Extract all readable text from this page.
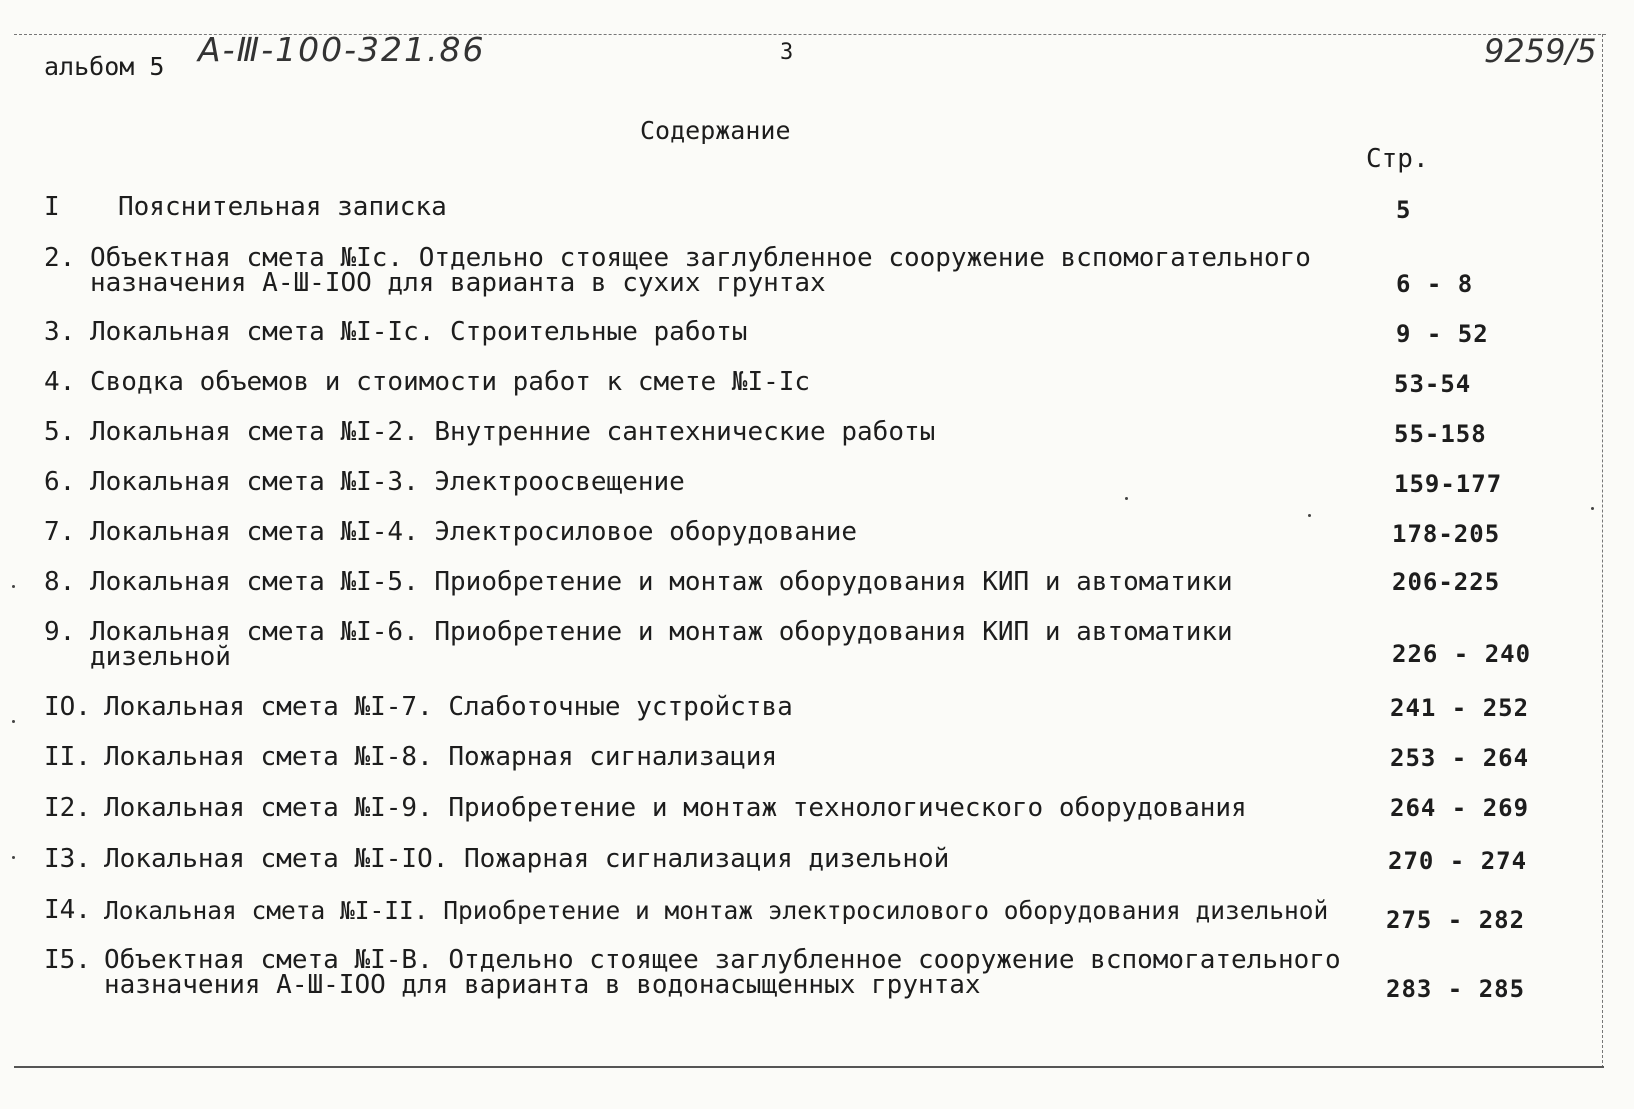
альбом 5 А-Ⅲ-100-321.86	3	9259/5
Содержание
Стр.
I Пояснительная записка	5
2. Объектная смета №Iс. Отдельно стоящее заглубленное сооружение вспомогательного
назначения А-Ш-IOO для варианта в сухих грунтах	6 - 8
3. Локальная смета №I-Iс. Строительные работы	9 - 52
4. Сводка объемов и стоимости работ к смете №I-Iс	53-54
5. Локальная смета №I-2. Внутренние сантехнические работы	55-158
6. Локальная смета №I-3. Электроосвещение	159-177
7. Локальная смета №I-4. Электросиловое оборудование	178-205
8. Локальная смета №I-5. Приобретение и монтаж оборудования КИП и автоматики	206-225
9. Локальная смета №I-6. Приобретение и монтаж оборудования КИП и автоматики
дизельной	226 - 240
IO. Локальная смета №I-7. Слаботочные устройства	241 - 252
II. Локальная смета №I-8. Пожарная сигнализация	253 - 264
I2. Локальная смета №I-9. Приобретение и монтаж технологического оборудования	264 - 269
I3. Локальная смета №I-IO. Пожарная сигнализация дизельной	270 - 274
I4. Локальная смета №I-II. Приобретение и монтаж электросилового оборудования дизельной 275 - 282
I5. Объектная смета №I-В. Отдельно стоящее заглубленное сооружение вспомогательного
назначения А-Ш-IOO для варианта в водонасыщенных грунтах	283 - 285
